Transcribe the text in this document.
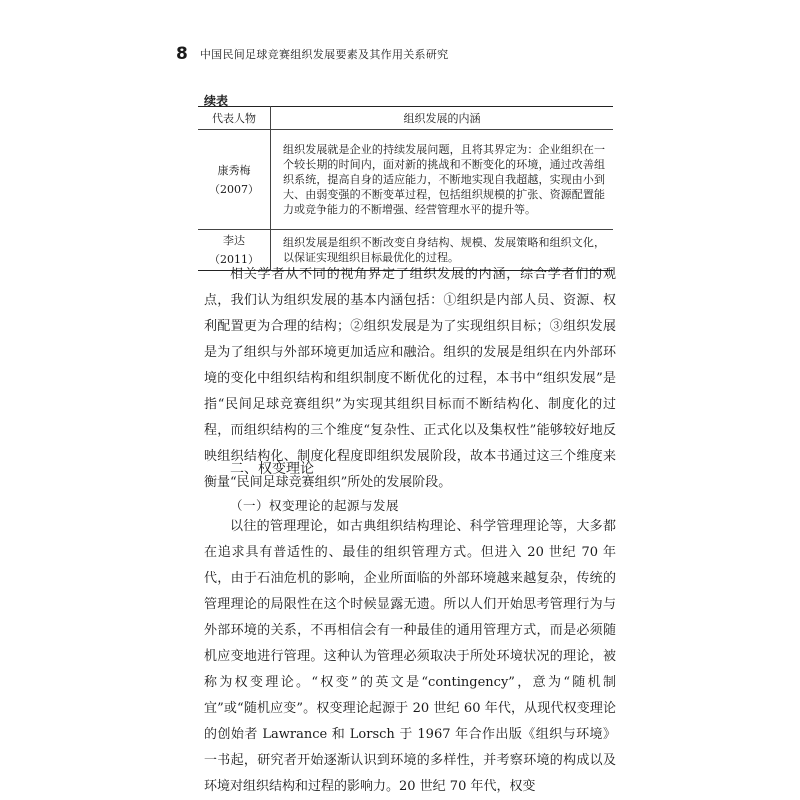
8 中国民间足球竞赛组织发展要素及其作用关系研究
续表
代表人物	组织发展的内涵

康秀梅
（2007）	组织发展就是企业的持续发展问题，且将其界定为：企业组织在一个较长期的时间内，面对新的挑战和不断变化的环境，通过改善组织系统，提高自身的适应能力，不断地实现自我超越，实现由小到大、由弱变强的不断变革过程，包括组织规模的扩张、资源配置能力或竞争能力的不断增强、经营管理水平的提升等。

李达
（2011）	组织发展是组织不断改变自身结构、规模、发展策略和组织文化，以保证实现组织目标最优化的过程。

相关学者从不同的视角界定了组织发展的内涵，综合学者们的观点，我们认为组织发展的基本内涵包括：①组织是内部人员、资源、权利配置更为合理的结构；②组织发展是为了实现组织目标；③组织发展是为了组织与外部环境更加适应和融洽。组织的发展是组织在内外部环境的变化中组织结构和组织制度不断优化的过程，本书中“组织发展”是指“民间足球竞赛组织”为实现其组织目标而不断结构化、制度化的过程，而组织结构的三个维度“复杂性、正式化以及集权性”能够较好地反映组织结构化、制度化程度即组织发展阶段，故本书通过这三个维度来衡量“民间足球竞赛组织”所处的发展阶段。

二、权变理论
（一）权变理论的起源与发展

以往的管理理论，如古典组织结构理论、科学管理理论等，大多都在追求具有普适性的、最佳的组织管理方式。但进入 20 世纪 70 年代，由于石油危机的影响，企业所面临的外部环境越来越复杂，传统的管理理论的局限性在这个时候显露无遗。所以人们开始思考管理行为与外部环境的关系，不再相信会有一种最佳的通用管理方式，而是必须随机应变地进行管理。这种认为管理必须取决于所处环境状况的理论，被称为权变理论。“权变”的英文是“contingency”，意为“随机制宜”或“随机应变”。权变理论起源于 20 世纪 60 年代，从现代权变理论的创始者 Lawrance 和 Lorsch 于 1967 年合作出版《组织与环境》一书起，研究者开始逐渐认识到环境的多样性，并考察环境的构成以及环境对组织结构和过程的影响力。20 世纪 70 年代，权变
